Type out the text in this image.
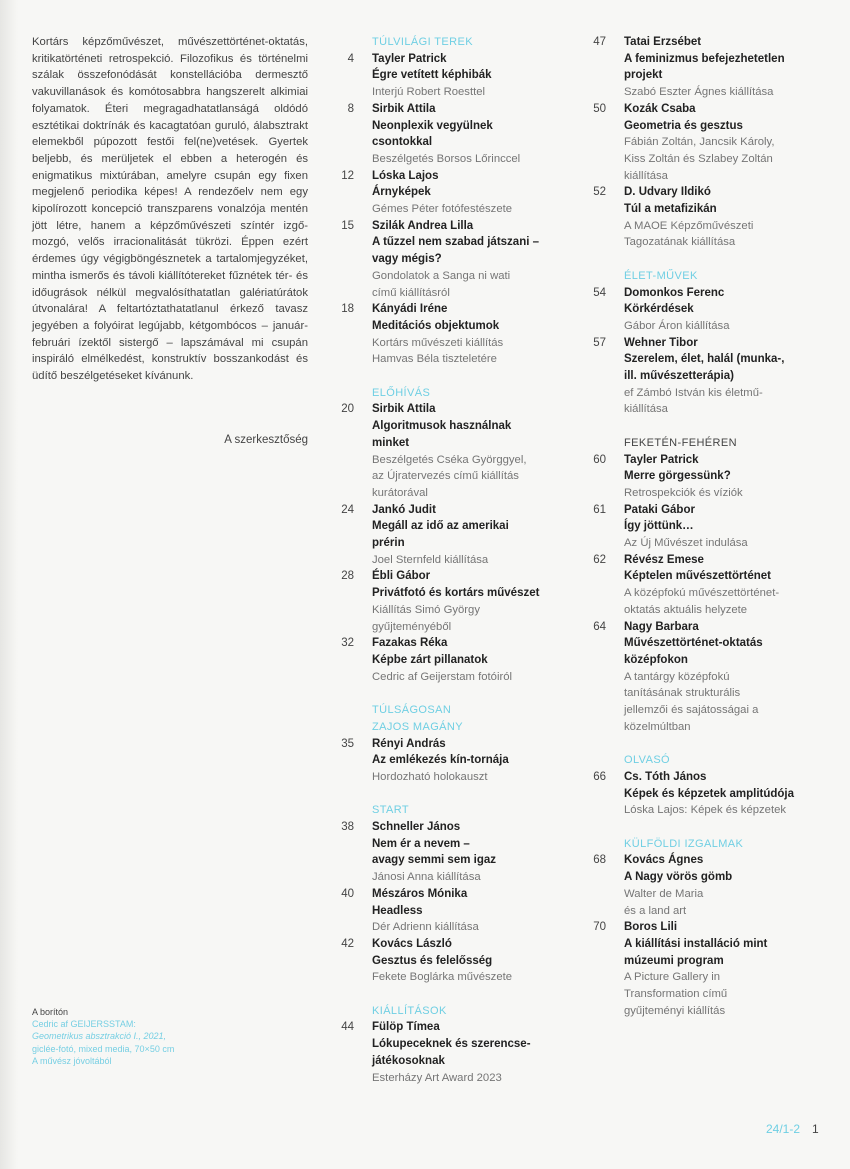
Kortárs képzőművészet, művészettörténet-oktatás, kritikatörténeti retrospekció. Filozofikus és történelmi szálak összefonódását konstellációba dermesztő vakuvillanások és komótosabbra hangszerelt alkimiai folyamatok. Éteri megragadhatatlanságá oldódó esztétikai doktrínák és kacagtatóan guruló, álabsztrakt elemekből púpozott festői fel(ne)vetések. Gyertek beljebb, és merüljetek el ebben a heterogén és enigmatikus mixtúrában, amelyre csupán egy fixen megjelenő periodika képes! A rendezőelv nem egy kipolírozott koncepció transzparens vonalzója mentén jött létre, hanem a képzőművészeti színtér izgő-mozgó, velős irracionalitását tükrözi. Éppen ezért érdemes úgy végigböngésznetek a tartalomjegyzéket, mintha ismerős és távoli kiállítótereket fűznétek tér- és időugrások nélkül megvalósíthatatlan galériatúrátok útvonalára! A feltartóztathatatlanul érkező tavasz jegyében a folyóirat legújabb, kétgombócos – január-februári ízektől sistergő – lapszámával mi csupán inspiráló elmélkedést, konstruktív bosszankodást és üdítő beszélgetéseket kívánunk.
A szerkesztőség
A borítón
Cedric af GEIJERSSTAM:
Geometrikus absztrakció I., 2021,
giclée-fotó, mixed media, 70×50 cm
A művész jóvoltából
TÚLVILÁGI TEREK
4 Tayler Patrick
Égre vetített képhibák
Interjú Robert Roesttel
8 Sirbik Attila
Neonplexik vegyülnek
csontokkal
Beszélgetés Borsos Lőrinccel
12 Lóska Lajos
Árnyképek
Gémes Péter fotófestészete
15 Szilák Andrea Lilla
A tűzzel nem szabad játszani –
vagy mégis?
Gondolatok a Sanga ni wati
című kiállításról
18 Kányádi Iréne
Meditációs objektumok
Kortárs művészeti kiállítás
Hamvas Béla tiszteletére
ELŐHÍVÁS
20 Sirbik Attila
Algoritmusok használnak
minket
Beszélgetés Cséka Györggyel,
az Újratervezés című kiállítás
kurátorával
24 Jankó Judit
Megáll az idő az amerikai prérin
Joel Sternfeld kiállítása
28 Ébli Gábor
Privátfotó és kortárs művészet
Kiállítás Simó György
gyűjteményéből
32 Fazakas Réka
Képbe zárt pillanatok
Cedric af Geijerstam fotóiról
TÚLSÁGOSAN
ZAJOS MAGÁNY
35 Rényi András
Az emlékezés kín-tornája
Hordozható holokauszt
START
38 Schneller János
Nem ér a nevem –
avagy semmi sem igaz
Jánosi Anna kiállítása
40 Mészáros Mónika
Headless
Dér Adrienn kiállítása
42 Kovács László
Gesztus és felelősség
Fekete Boglárka művészete
KIÁLLÍTÁSOK
44 Fülöp Tímea
Lókupeceknek és szerencse-
játékosoknak
Esterházy Art Award 2023
47 Tatai Erzsébet
A feminizmus befejezhetetlen
projekt
Szabó Eszter Ágnes kiállítása
50 Kozák Csaba
Geometria és gesztus
Fábián Zoltán, Jancsik Károly,
Kiss Zoltán és Szlabey Zoltán
kiállítása
52 D. Udvary Ildikó
Túl a metafizikán
A MAOE Képzőművészeti
Tagozatának kiállítása
ÉLET-MŰVEK
54 Domonkos Ferenc
Körkérdések
Gábor Áron kiállítása
57 Wehner Tibor
Szerelem, élet, halál (munka-,
ill. művészetterápia)
ef Zámbó István kis életmű-
kiállítása
FEKETÉN-FEHÉREN
60 Tayler Patrick
Merre görgessünk?
Retrospekciók és víziók
61 Pataki Gábor
Így jöttünk…
Az Új Művészet indulása
62 Révész Emese
Képtelen művészettörténet
A középfokú művészettörténet-
oktatás aktuális helyzete
64 Nagy Barbara
Művészettörténet-oktatás
középfokon
A tantárgy középfokú
tanításának strukturális
jellemzői és sajátosságai a
közelmúltban
OLVASÓ
66 Cs. Tóth János
Képek és képzetek amplitúdója
Lóska Lajos: Képek és képzetek
KÜLFÖLDI IZGALMAK
68 Kovács Ágnes
A Nagy vörös gömb
Walter de Maria
és a land art
70 Boros Lili
A kiállítási installáció mint
múzeumi program
A Picture Gallery in
Transformation című
gyűjteményi kiállítás
24/1-2 1
